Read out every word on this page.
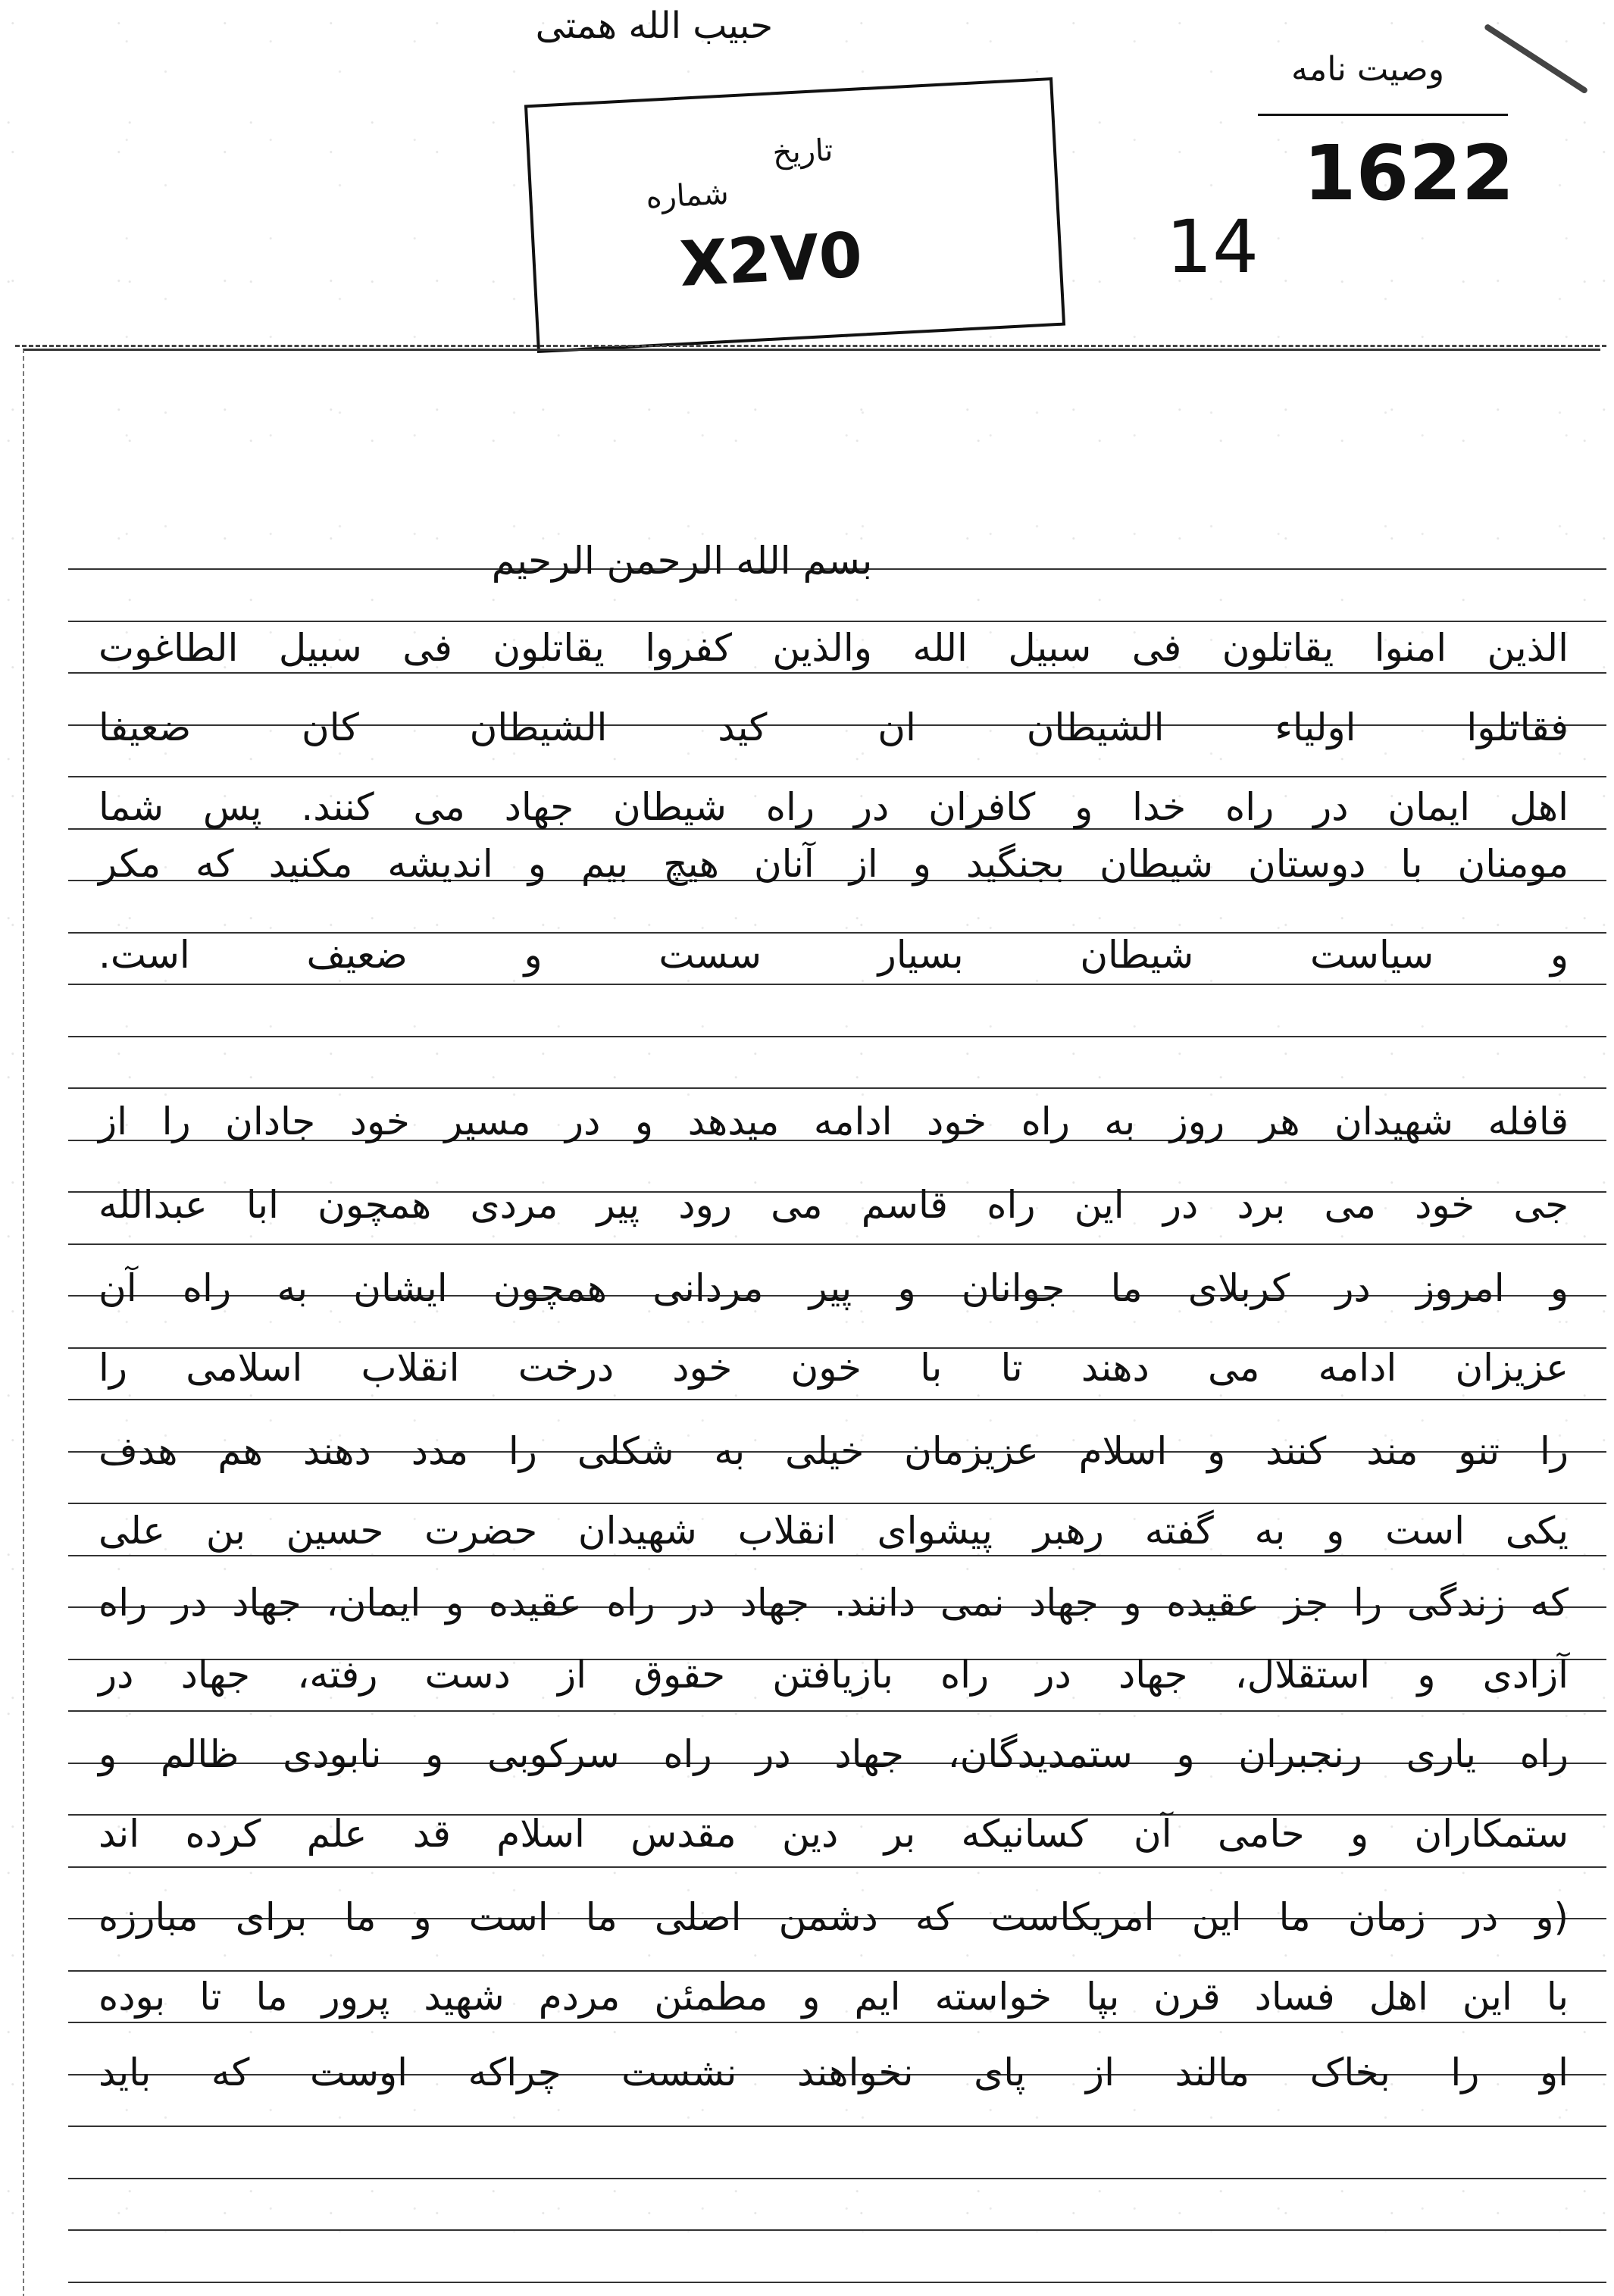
حبیب الله همتی
وصیت نامه
1622
14
تاریخ
شماره
X2V0
بسم الله الرحمن الرحیم
الذین امنوا یقاتلون فی سبیل الله والذین کفروا یقاتلون فی سبیل الطاغوت
فقاتلوا اولیاء الشیطان ان کید الشیطان کان ضعیفا
اهل ایمان در راه خدا و کافران در راه شیطان جهاد می کنند. پس شما
مومنان با دوستان شیطان بجنگید و از آنان هیچ بیم و اندیشه مکنید که مکر
و سیاست شیطان بسیار سست و ضعیف است.
قافله شهیدان هر روز به راه خود ادامه میدهد و در مسیر خود جادان را از
جی خود می برد در این راه قاسم می رود پیر مردی همچون ابا عبدالله
و امروز در کربلای ما جوانان و پیر مردانی همچون ایشان به راه آن
عزیزان ادامه می دهند تا با خون خود درخت انقلاب اسلامی را
را تنو مند کنند و اسلام عزیزمان خیلی به شکلی را مدد دهند هم هدف
یکی است و به گفته رهبر پیشوای انقلاب شهیدان حضرت حسین بن علی
که زندگی را جز عقیده و جهاد نمی دانند. جهاد در راه عقیده و ایمان، جهاد در راه
آزادی و استقلال، جهاد در راه بازیافتن حقوق از دست رفته، جهاد در
راه یاری رنجبران و ستمدیدگان، جهاد در راه سرکوبی و نابودی ظالم و
ستمکاران و حامی آن کسانیکه بر دین مقدس اسلام قد علم کرده اند
(و در زمان ما این امریکاست که دشمن اصلی ما است و ما برای مبارزه
با این اهل فساد قرن بپا خواسته ایم و مطمئن مردم شهید پرور ما تا بوده
او را بخاک مالند از پای نخواهند نشست چراکه اوست که باید
